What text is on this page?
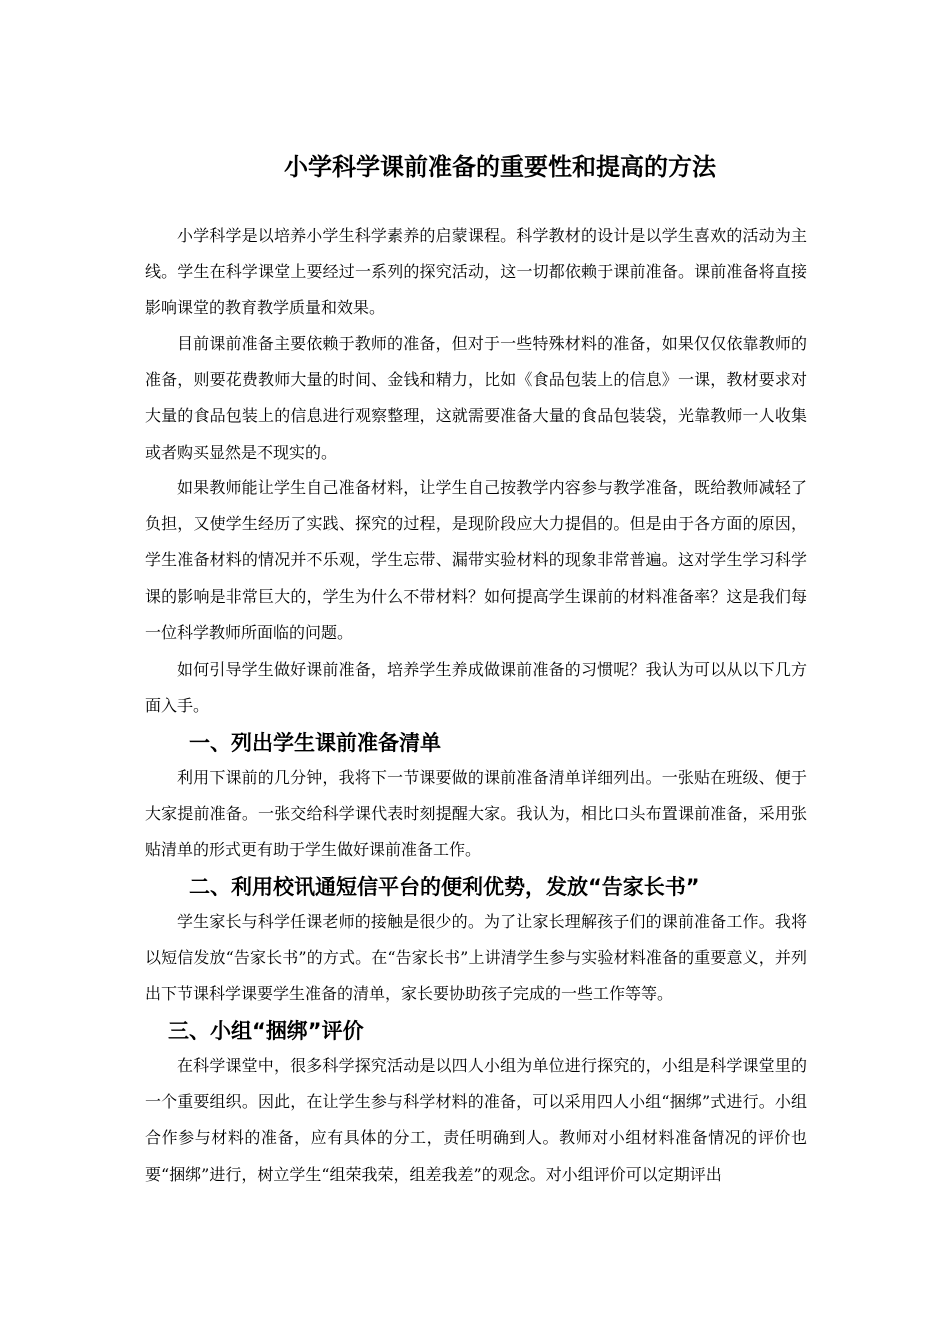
小学科学课前准备的重要性和提高的方法

小学科学是以培养小学生科学素养的启蒙课程。科学教材的设计是以学生喜欢的活动为主线。学生在科学课堂上要经过一系列的探究活动，这一切都依赖于课前准备。课前准备将直接影响课堂的教育教学质量和效果。

目前课前准备主要依赖于教师的准备，但对于一些特殊材料的准备，如果仅仅依靠教师的准备，则要花费教师大量的时间、金钱和精力，比如《食品包装上的信息》一课，教材要求对大量的食品包装上的信息进行观察整理，这就需要准备大量的食品包装袋，光靠教师一人收集或者购买显然是不现实的。

如果教师能让学生自己准备材料，让学生自己按教学内容参与教学准备，既给教师减轻了负担，又使学生经历了实践、探究的过程，是现阶段应大力提倡的。但是由于各方面的原因，学生准备材料的情况并不乐观，学生忘带、漏带实验材料的现象非常普遍。这对学生学习科学课的影响是非常巨大的，学生为什么不带材料？如何提高学生课前的材料准备率？这是我们每一位科学教师所面临的问题。

如何引导学生做好课前准备，培养学生养成做课前准备的习惯呢？我认为可以从以下几方面入手。

一、列出学生课前准备清单

利用下课前的几分钟，我将下一节课要做的课前准备清单详细列出。一张贴在班级、便于大家提前准备。一张交给科学课代表时刻提醒大家。我认为，相比口头布置课前准备，采用张贴清单的形式更有助于学生做好课前准备工作。

二、利用校讯通短信平台的便利优势，发放“告家长书”

学生家长与科学任课老师的接触是很少的。为了让家长理解孩子们的课前准备工作。我将以短信发放“告家长书”的方式。在“告家长书”上讲清学生参与实验材料准备的重要意义，并列出下节课科学课要学生准备的清单，家长要协助孩子完成的一些工作等等。

三、小组“捆绑”评价

在科学课堂中，很多科学探究活动是以四人小组为单位进行探究的，小组是科学课堂里的一个重要组织。因此，在让学生参与科学材料的准备，可以采用四人小组“捆绑”式进行。小组合作参与材料的准备，应有具体的分工，责任明确到人。教师对小组材料准备情况的评价也要“捆绑”进行，树立学生“组荣我荣，组差我差”的观念。对小组评价可以定期评出
